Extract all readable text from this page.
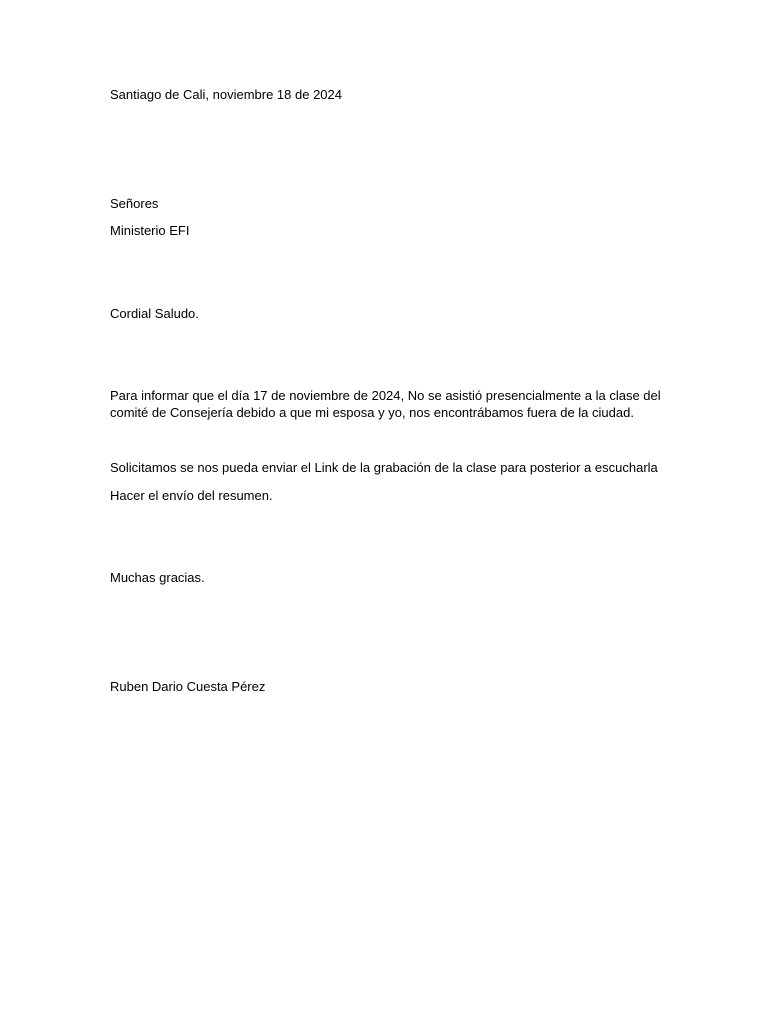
Santiago de Cali, noviembre 18 de 2024
Señores
Ministerio EFI
Cordial Saludo.
Para informar que el día 17 de noviembre de 2024, No se asistió presencialmente a la clase del
comité de Consejería debido a que mi esposa y yo, nos encontrábamos fuera de la ciudad.
Solicitamos se nos pueda enviar el Link de la grabación de la clase para posterior a escucharla
Hacer el envío del resumen.
Muchas gracias.
Ruben Dario Cuesta Pérez
